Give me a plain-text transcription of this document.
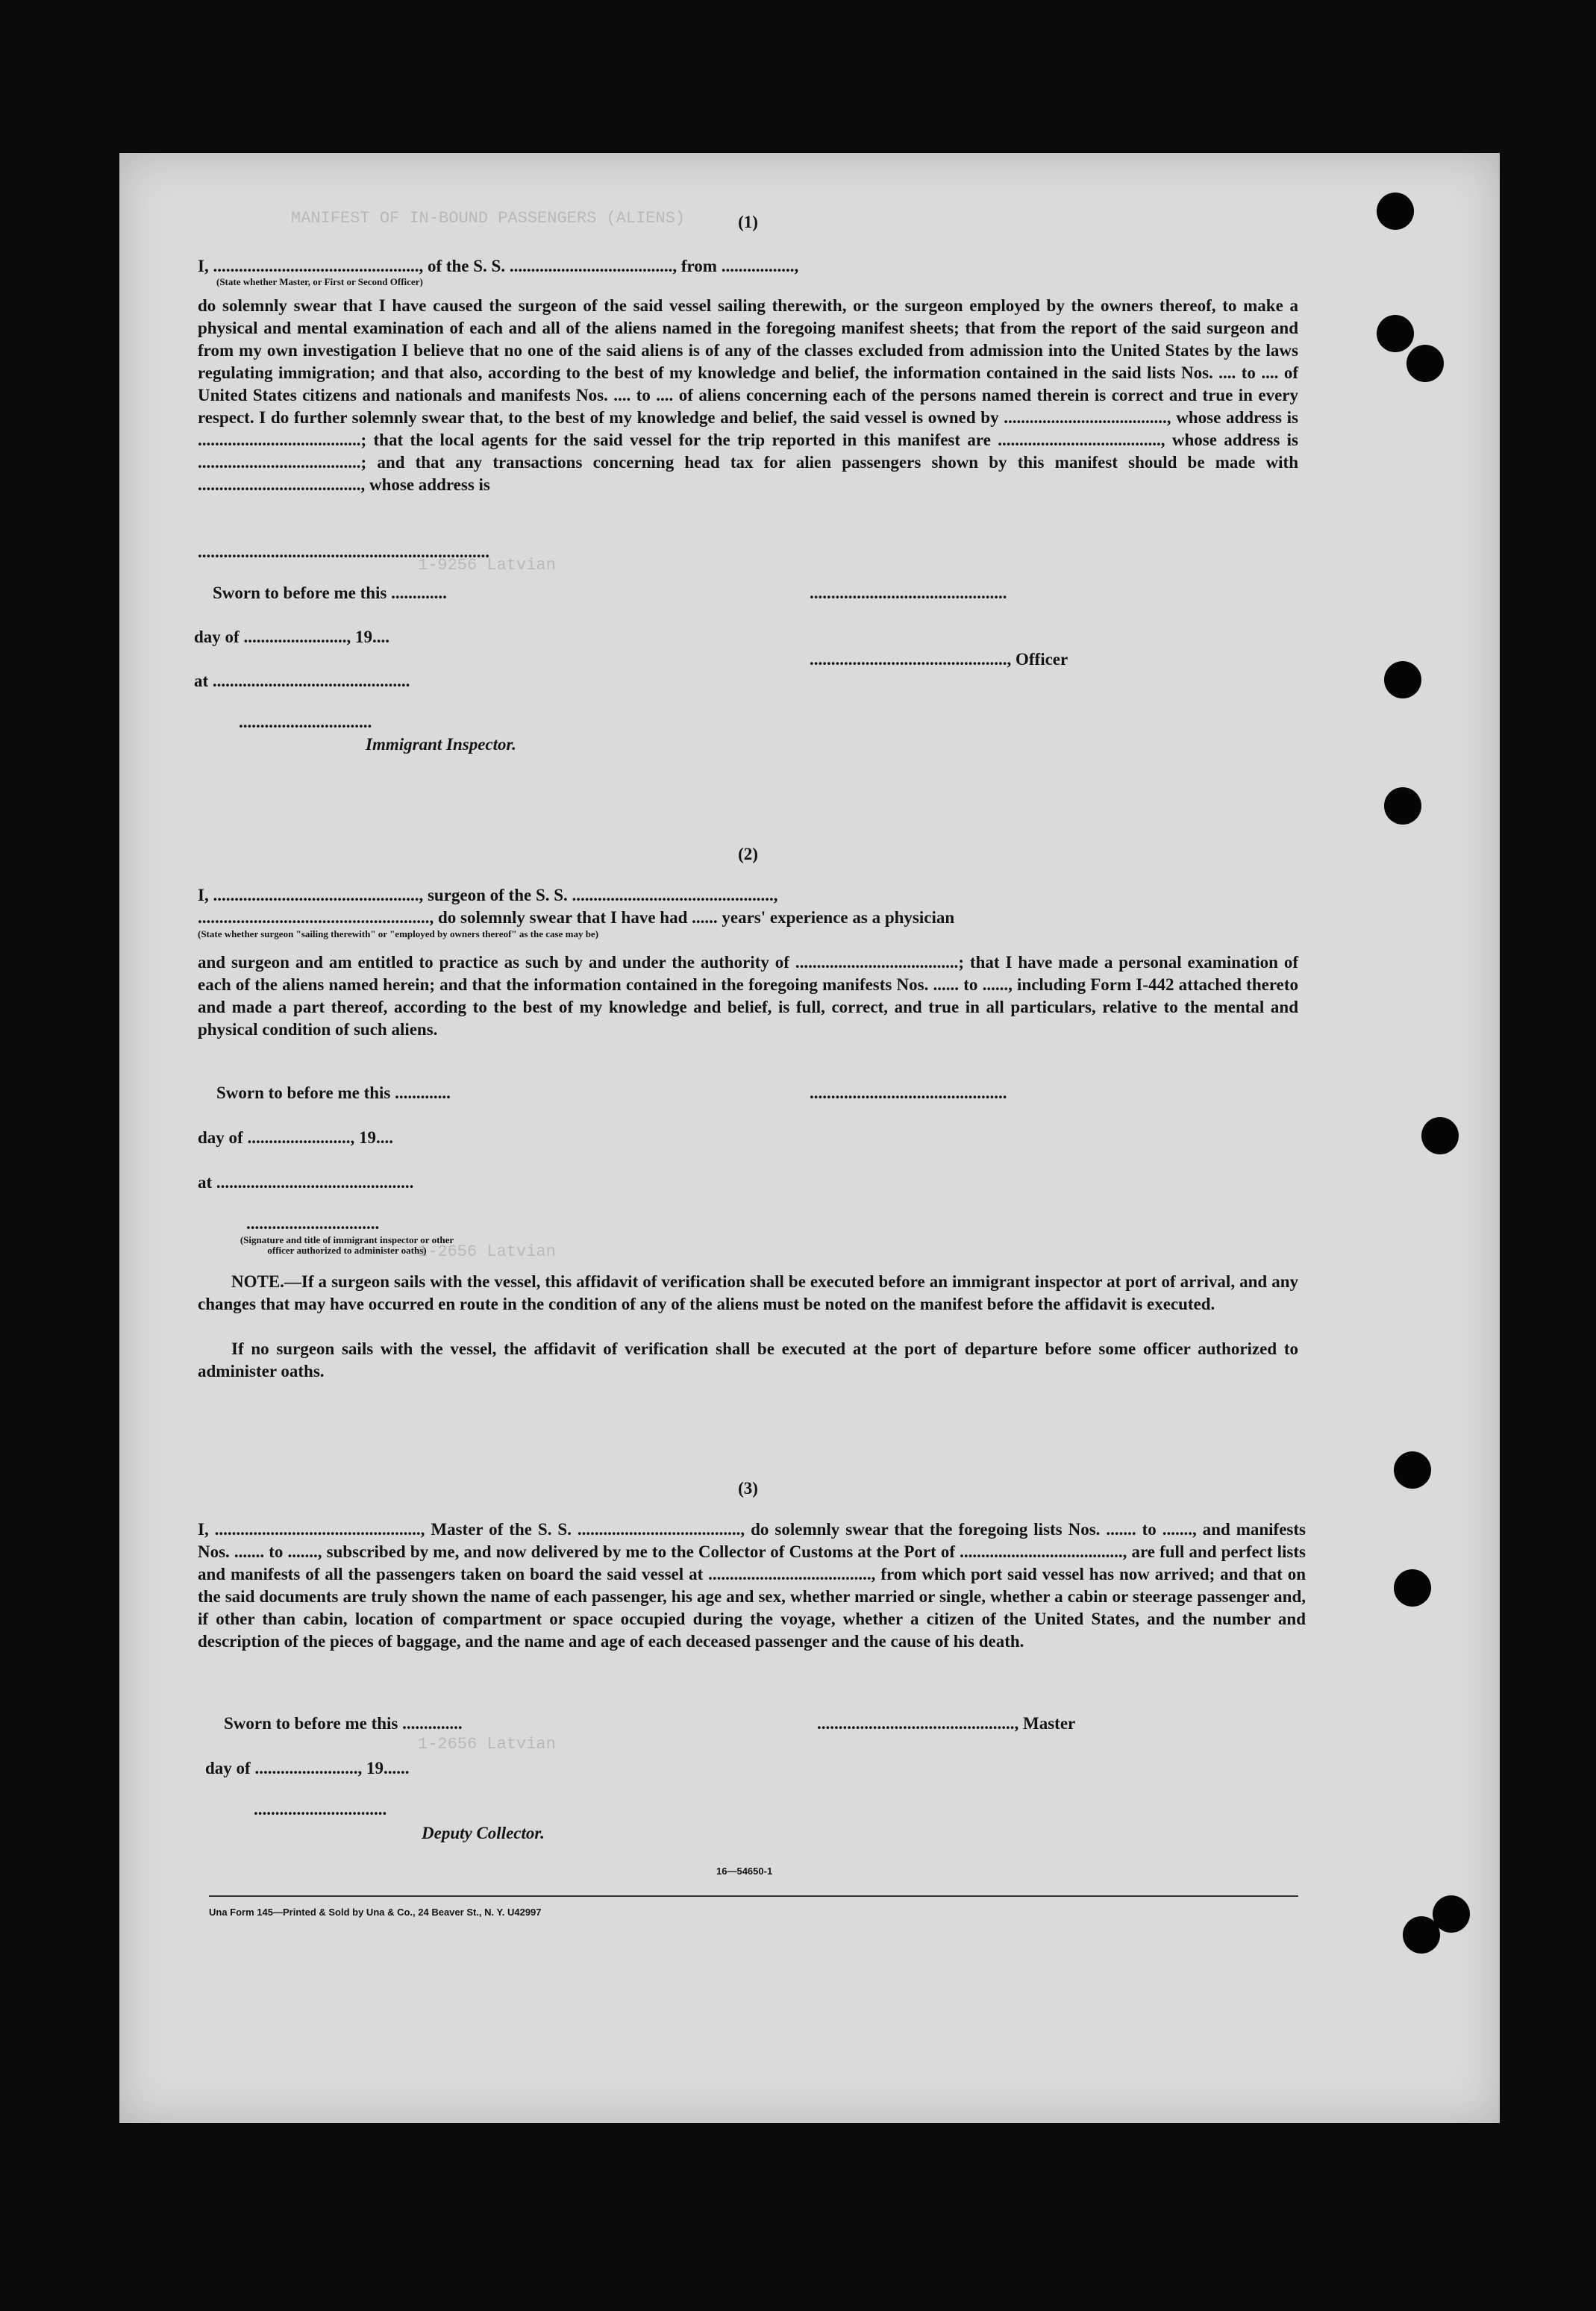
MANIFEST OF IN-BOUND PASSENGERS (ALIENS)
1-9256 Latvian
1-2656 Latvian
1-2656 Latvian
(1)
I, ................................................, of the S. S. ......................................, from .................,
(State whether Master, or First or Second Officer)
do solemnly swear that I have caused the surgeon of the said vessel sailing therewith, or the surgeon employed by the owners thereof, to make a physical and mental examination of each and all of the aliens named in the foregoing manifest sheets; that from the report of the said surgeon and from my own investigation I believe that no one of the said aliens is of any of the classes excluded from admission into the United States by the laws regulating immigration; and that also, according to the best of my knowledge and belief, the information contained in the said lists Nos. .... to .... of United States citizens and nationals and manifests Nos. .... to .... of aliens concerning each of the persons named therein is correct and true in every respect. I do further solemnly swear that, to the best of my knowledge and belief, the said vessel is owned by ......................................, whose address is ......................................; that the local agents for the said vessel for the trip reported in this manifest are ......................................, whose address is ......................................; and that any transactions concerning head tax for alien passengers shown by this manifest should be made with ......................................, whose address is
....................................................................
Sworn to before me this .............
day of ........................, 19....
at ..............................................
...............................
Immigrant Inspector.
..............................................
.............................................., Officer
(2)
I, ................................................, surgeon of the S. S. ...............................................,
......................................................, do solemnly swear that I have had ...... years' experience as a physician
(State whether surgeon "sailing therewith" or "employed by owners thereof" as the case may be)
and surgeon and am entitled to practice as such by and under the authority of ......................................; that I have made a personal examination of each of the aliens named herein; and that the information contained in the foregoing manifests Nos. ...... to ......, including Form I-442 attached thereto and made a part thereof, according to the best of my knowledge and belief, is full, correct, and true in all particulars, relative to the mental and physical condition of such aliens.
Sworn to before me this .............
day of ........................, 19....
at ..............................................
...............................
(Signature and title of immigrant inspector or other officer authorized to administer oaths)
..............................................
NOTE.—If a surgeon sails with the vessel, this affidavit of verification shall be executed before an immigrant inspector at port of arrival, and any changes that may have occurred en route in the condition of any of the aliens must be noted on the manifest before the affidavit is executed.
If no surgeon sails with the vessel, the affidavit of verification shall be executed at the port of departure before some officer authorized to administer oaths.
(3)
I, ................................................, Master of the S. S. ......................................, do solemnly swear that the foregoing lists Nos. ....... to ......., and manifests Nos. ....... to ......., subscribed by me, and now delivered by me to the Collector of Customs at the Port of ......................................, are full and perfect lists and manifests of all the passengers taken on board the said vessel at ......................................, from which port said vessel has now arrived; and that on the said documents are truly shown the name of each passenger, his age and sex, whether married or single, whether a cabin or steerage passenger and, if other than cabin, location of compartment or space occupied during the voyage, whether a citizen of the United States, and the number and description of the pieces of baggage, and the name and age of each deceased passenger and the cause of his death.
Sworn to before me this ..............
day of ........................, 19......
...............................
Deputy Collector.
.............................................., Master
16—54650-1
Una Form 145—Printed & Sold by Una & Co., 24 Beaver St., N. Y. U42997
